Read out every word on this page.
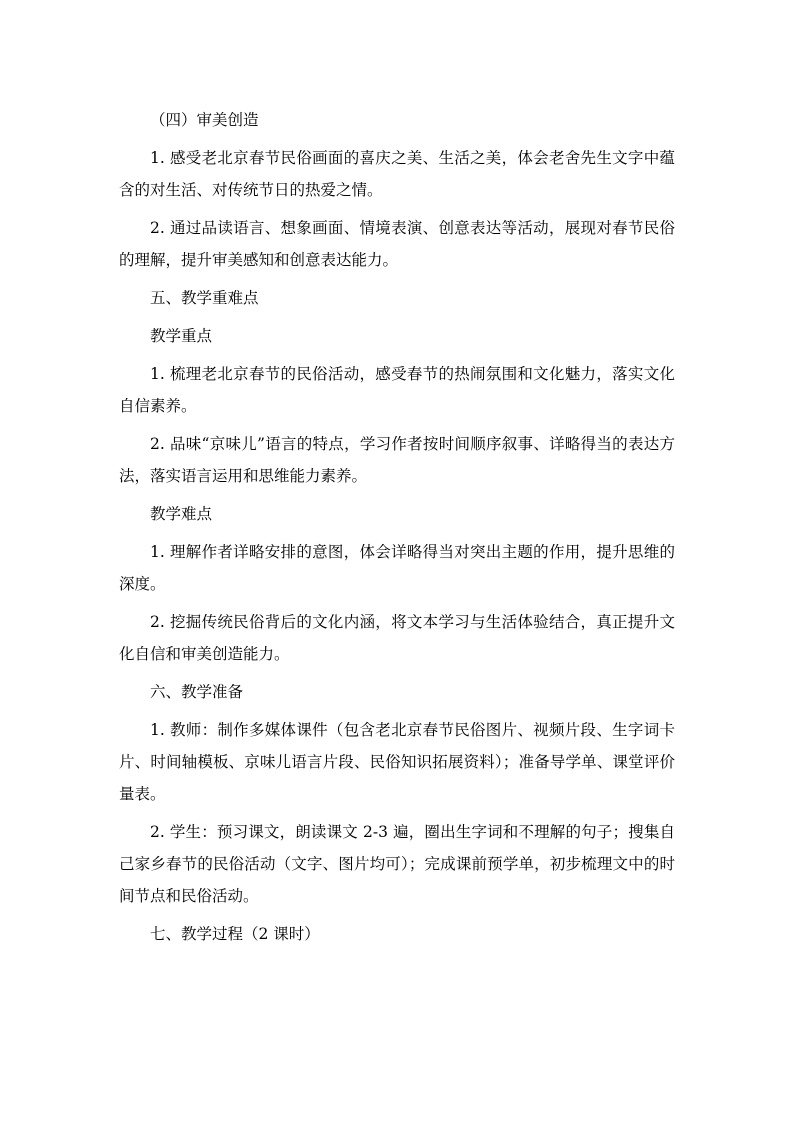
（四）审美创造

1. 感受老北京春节民俗画面的喜庆之美、生活之美，体会老舍先生文字中蕴含的对生活、对传统节日的热爱之情。

2. 通过品读语言、想象画面、情境表演、创意表达等活动，展现对春节民俗的理解，提升审美感知和创意表达能力。

五、教学重难点

教学重点

1. 梳理老北京春节的民俗活动，感受春节的热闹氛围和文化魅力，落实文化自信素养。

2. 品味“京味儿”语言的特点，学习作者按时间顺序叙事、详略得当的表达方法，落实语言运用和思维能力素养。

教学难点

1. 理解作者详略安排的意图，体会详略得当对突出主题的作用，提升思维的深度。

2. 挖掘传统民俗背后的文化内涵，将文本学习与生活体验结合，真正提升文化自信和审美创造能力。

六、教学准备

1. 教师：制作多媒体课件（包含老北京春节民俗图片、视频片段、生字词卡片、时间轴模板、京味儿语言片段、民俗知识拓展资料）；准备导学单、课堂评价量表。

2. 学生：预习课文，朗读课文 2-3 遍，圈出生字词和不理解的句子；搜集自己家乡春节的民俗活动（文字、图片均可）；完成课前预学单，初步梳理文中的时间节点和民俗活动。

七、教学过程（2 课时）
